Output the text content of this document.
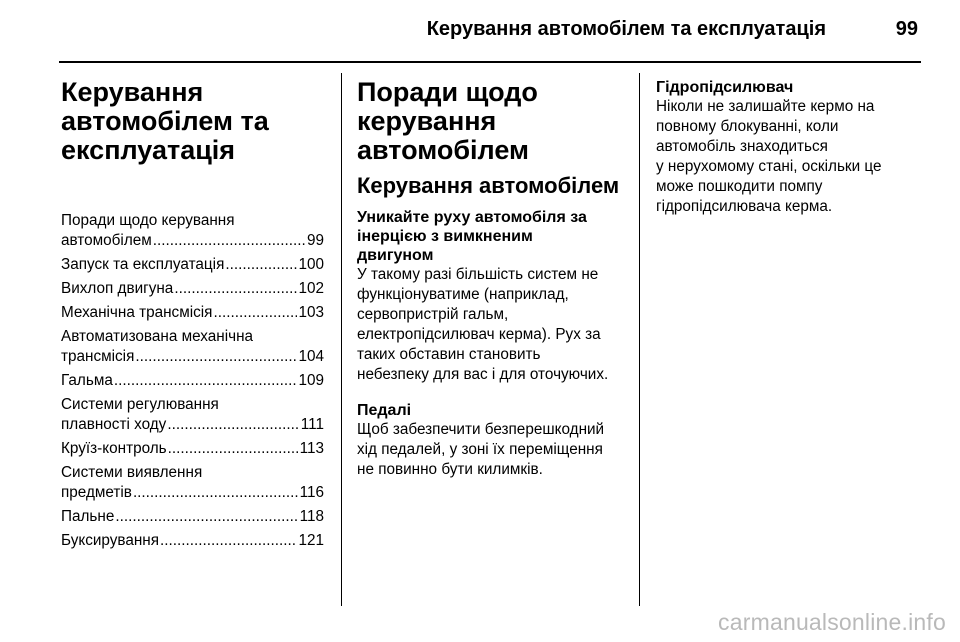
Керування автомобілем та експлуатація	99
Керування
автомобілем та
експлуатація
Поради щодо керування
автомобілем .....	99
Запуск та експлуатація .....	100
Вихлоп двигуна .....	102
Механічна трансмісія .....	103
Автоматизована механічна
трансмісія .....	104
Гальма .....	109
Системи регулювання
плавності ходу .....	111
Круїз-контроль .....	113
Системи виявлення
предметів .....	116
Пальне .....	118
Буксирування .....	121
Поради щодо
керування
автомобілем
Керування автомобілем
Уникайте руху автомобіля за
інерцією з вимкненим
двигуном
У такому разі більшість систем не
функціонуватиме (наприклад,
сервопристрій гальм,
електропідсилювач керма). Рух за
таких обставин становить
небезпеку для вас і для оточуючих.
Педалі
Щоб забезпечити безперешкодний
хід педалей, у зоні їх переміщення
не повинно бути килимків.
Гідропідсилювач
Ніколи не залишайте кермо на
повному блокуванні, коли
автомобіль знаходиться
у нерухомому стані, оскільки це
може пошкодити помпу
гідропідсилювача керма.
carmanualsonline.info
